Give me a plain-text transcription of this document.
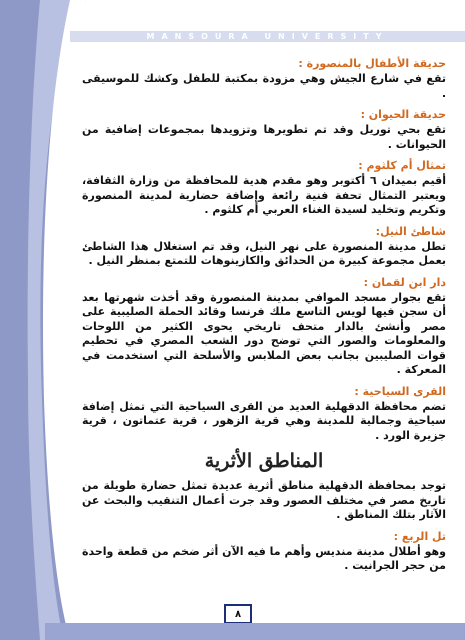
MANSOURA UNIVERSITY
حديقة الأطفال بالمنصورة :

تقع في شارع الجيش وهي مزودة بمكتبة للطفل وكشك للموسيقى .

حديقة الحيوان :

تقع بحي توريل وقد تم تطويرها وتزويدها بمجموعات إضافية من الحيوانات .

تمثال أم كلثوم :

أقيم بميدان ٦ أكتوبر وهو مقدم هدية للمحافظة من وزارة الثقافة، ويعتبر التمثال تحفة فنية رائعة وإضافة حضارية لمدينة المنصورة وتكريم وتخليد لسيدة الغناء العربي أم كلثوم .

شاطئ النيل:

تطل مدينة المنصورة على نهر النيل، وقد تم استغلال هذا الشاطئ بعمل مجموعة كبيرة من الحدائق والكازينوهات للتمتع بمنظر النيل .

دار ابن لقمان :

تقع بجوار مسجد الموافي بمدينة المنصورة وقد أخذت شهرتها بعد أن سجن فيها لويس التاسع ملك فرنسا وقائد الحملة الصليبية على مصر وأنشئ بالدار متحف تاريخي يحوى الكثير من اللوحات والمعلومات والصور التي توضح دور الشعب المصري في تحطيم قوات الصليبين بجانب بعض الملابس والأسلحة التي استخدمت في المعركة .

القرى السياحية :

تضم محافظة الدقهلية العديد من القرى السياحية التي تمثل إضافة سياحية وجمالية للمدينة وهي قرية الزهور ، قرية عتماتون ، قرية جزيرة الورد .

المناطق الأثرية

توجد بمحافظة الدقهلية مناطق أثرية عديدة تمثل حضارة طويلة من تاريخ مصر في مختلف العصور وقد جرت أعمال التنقيب والبحث عن الآثار بتلك المناطق .

تل الربع :

وهو أطلال مدينة منديس وأهم ما فيه الآن أثر ضخم من قطعة واحدة من حجر الجرانيت .

٨
